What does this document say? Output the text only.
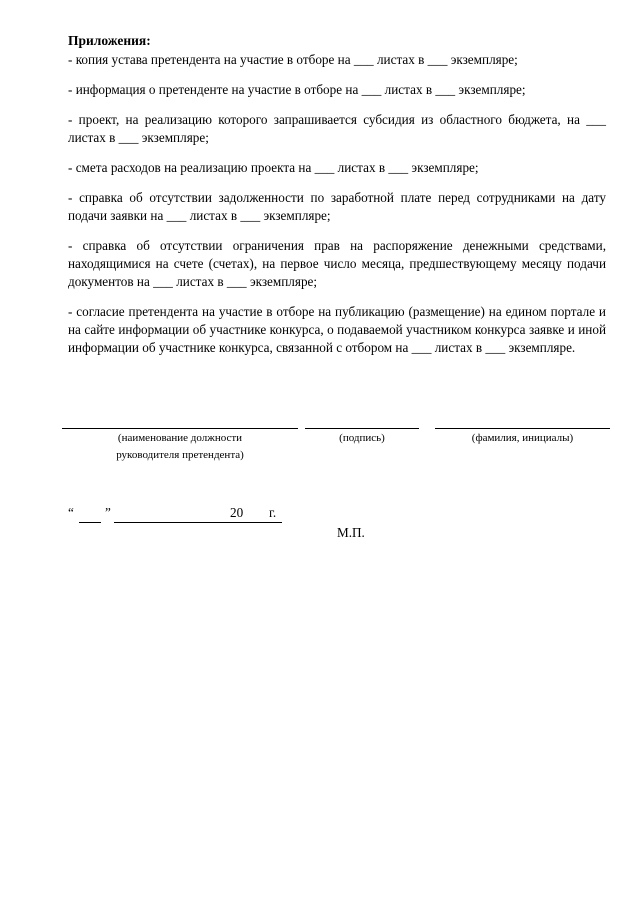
Приложения:
- копия устава претендента на участие в отборе на ___ листах в ___ экземпляре;
- информация о претенденте на участие в отборе на ___ листах в ___ экземпляре;
- проект, на реализацию которого запрашивается субсидия из областного бюджета, на ___ листах в ___ экземпляре;
- смета расходов на реализацию проекта на ___ листах в ___ экземпляре;
- справка об отсутствии задолженности по заработной плате перед сотрудниками на дату подачи заявки на ___ листах в ___ экземпляре;
- справка об отсутствии ограничения прав на распоряжение денежными средствами, находящимися на счете (счетах), на первое число месяца, предшествующему месяцу подачи документов на ___ листах в ___ экземпляре;
- согласие претендента на участие в отборе на публикацию (размещение) на едином портале и на сайте информации об участнике конкурса, о подаваемой участником конкурса заявке и иной информации об участнике конкурса, связанной с отбором на ___ листах в ___ экземпляре.
(наименование должности
руководителя претендента)
(подпись)	(фамилия, инициалы)
“ ”	20 г.
М.П.
